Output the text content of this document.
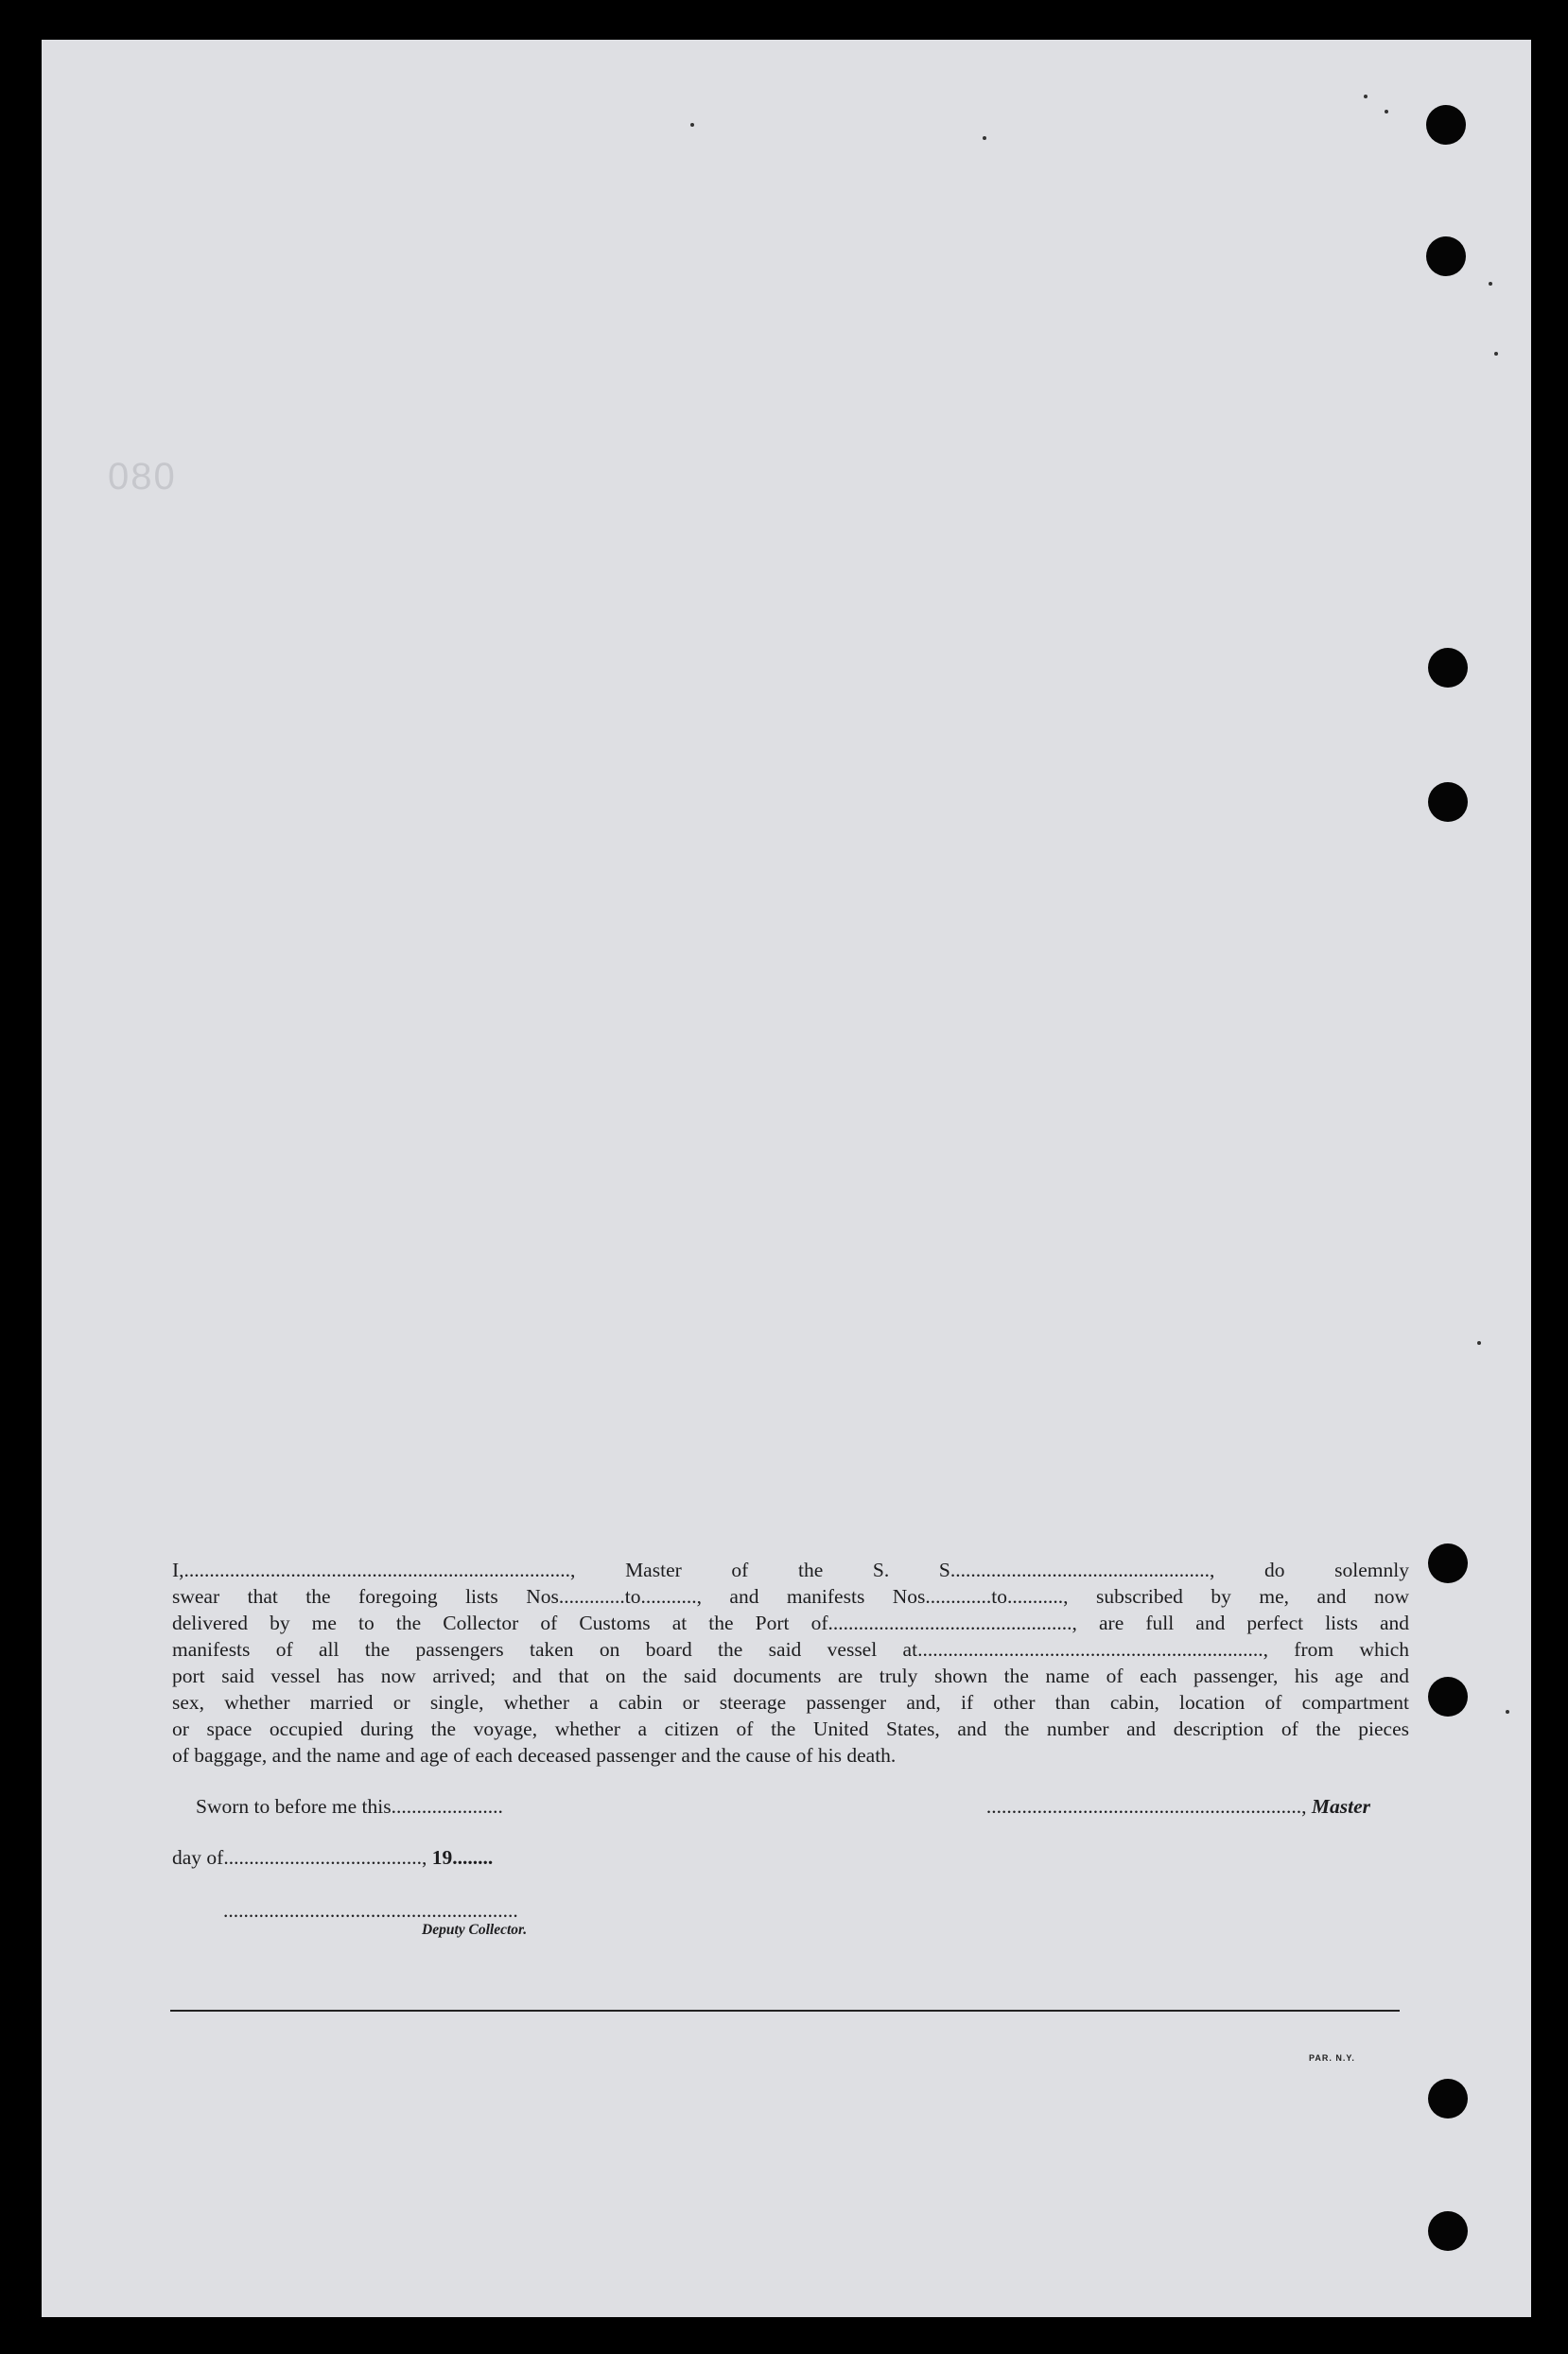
080

I,............................................................................, Master of the S. S..................................................., do solemnly

swear that the foregoing lists Nos.............to..........., and manifests Nos.............to..........., subscribed by me, and now

delivered by me to the Collector of Customs at the Port of................................................, are full and perfect lists and

manifests of all the passengers taken on board the said vessel at...................................................................., from which

port said vessel has now arrived; and that on the said documents are truly shown the name of each passenger, his age and

sex, whether married or single, whether a cabin or steerage passenger and, if other than cabin, location of compartment

or space occupied during the voyage, whether a citizen of the United States, and the number and description of the pieces

of baggage, and the name and age of each deceased passenger and the cause of his death.

Sworn to before me this......................	.............................................................., Master
day of......................................., 19........
..........................................................
Deputy Collector.
PAR. N.Y.
